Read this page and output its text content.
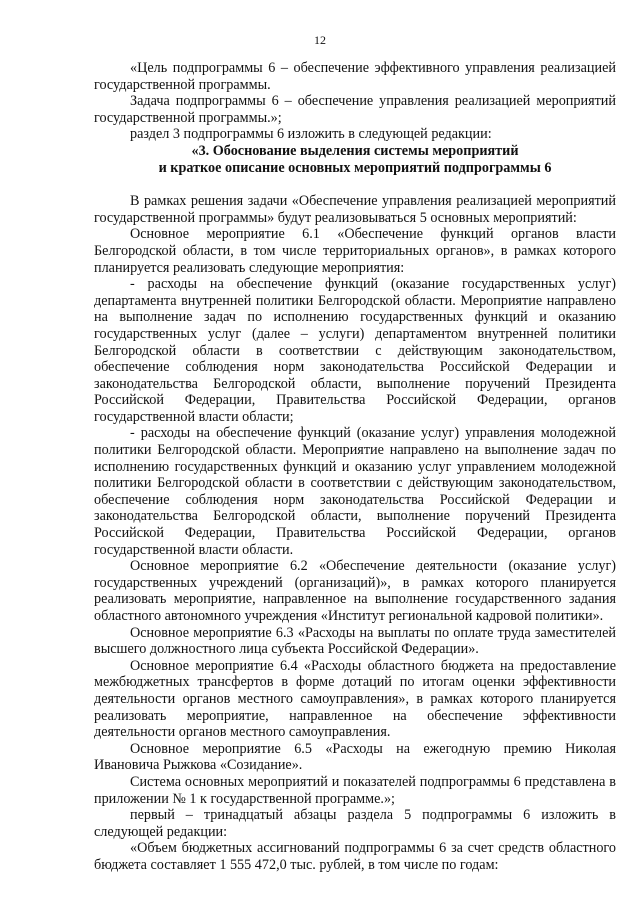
12

«Цель подпрограммы 6 – обеспечение эффективного управления реализацией государственной программы.

Задача подпрограммы 6 – обеспечение управления реализацией мероприятий государственной программы.»;

раздел 3 подпрограммы 6 изложить в следующей редакции:

«3. Обоснование выделения системы мероприятий

и краткое описание основных мероприятий подпрограммы 6

В рамках решения задачи «Обеспечение управления реализацией мероприятий государственной программы» будут реализовываться 5 основных мероприятий:

Основное мероприятие 6.1 «Обеспечение функций органов власти Белгородской области, в том числе территориальных органов», в рамках которого планируется реализовать следующие мероприятия:

- расходы на обеспечение функций (оказание государственных услуг) департамента внутренней политики Белгородской области. Мероприятие направлено на выполнение задач по исполнению государственных функций и оказанию государственных услуг (далее – услуги) департаментом внутренней политики Белгородской области в соответствии с действующим законодательством, обеспечение соблюдения норм законодательства Российской Федерации и законодательства Белгородской области, выполнение поручений Президента Российской Федерации, Правительства Российской Федерации, органов государственной власти области;

- расходы на обеспечение функций (оказание услуг) управления молодежной политики Белгородской области. Мероприятие направлено на выполнение задач по исполнению государственных функций и оказанию услуг управлением молодежной политики Белгородской области в соответствии с действующим законодательством, обеспечение соблюдения норм законодательства Российской Федерации и законодательства Белгородской области, выполнение поручений Президента Российской Федерации, Правительства Российской Федерации, органов государственной власти области.

Основное мероприятие 6.2 «Обеспечение деятельности (оказание услуг) государственных учреждений (организаций)», в рамках которого планируется реализовать мероприятие, направленное на выполнение государственного задания областного автономного учреждения «Институт региональной кадровой политики».

Основное мероприятие 6.3 «Расходы на выплаты по оплате труда заместителей высшего должностного лица субъекта Российской Федерации».

Основное мероприятие 6.4 «Расходы областного бюджета на предоставление межбюджетных трансфертов в форме дотаций по итогам оценки эффективности деятельности органов местного самоуправления», в рамках которого планируется реализовать мероприятие, направленное на обеспечение эффективности деятельности органов местного самоуправления.

Основное мероприятие 6.5 «Расходы на ежегодную премию Николая Ивановича Рыжкова «Созидание».

Система основных мероприятий и показателей подпрограммы 6 представлена в приложении № 1 к государственной программе.»;

первый – тринадцатый абзацы раздела 5 подпрограммы 6 изложить в следующей редакции:

«Объем бюджетных ассигнований подпрограммы 6 за счет средств областного бюджета составляет 1 555 472,0 тыс. рублей, в том числе по годам:
